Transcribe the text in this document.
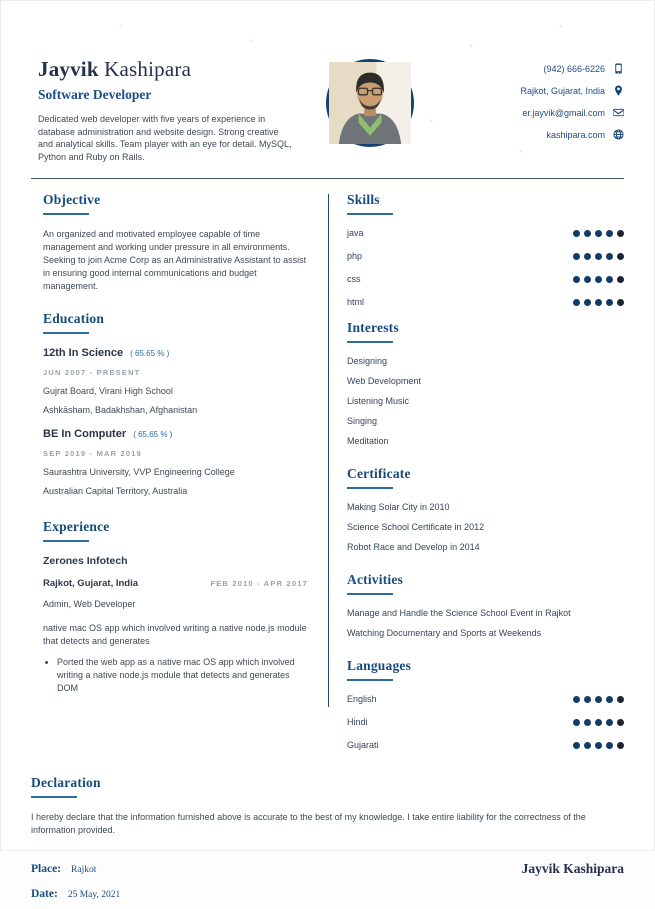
Jayvik Kashipara
Software Developer
Dedicated web developer with five years of experience in database administration and website design. Strong creative and analytical skills. Team player with an eye for detail. MySQL, Python and Ruby on Rails.
(942) 666-6226
Rajkot, Gujarat, India
er.jayvik@gmail.com
kashipara.com
Objective
An organized and motivated employee capable of time management and working under pressure in all environments. Seeking to join Acme Corp as an Administrative Assistant to assist in ensuring good internal communications and budget management.
Education
12th In Science ( 65.65 % )
JUN 2007 - PRESENT
Gujrat Board, Virani High School
Ashkāsham, Badakhshan, Afghanistan
BE In Computer ( 65.65 % )
SEP 2019 - MAR 2019
Saurashtra University, VVP Engineering College
Australian Capital Territory, Australia
Experience
Zerones Infotech
Rajkot, Gujarat, India	FEB 2010 - APR 2017
Admin, Web Developer
native mac OS app which involved writing a native node.js module that detects and generates
• Ported the web app as a native mac OS app which involved writing a native node.js module that detects and generates DOM
Skills
java
php
css
html
Interests
Designing
Web Development
Listening Music
Singing
Meditation
Certificate
Making Solar City in 2010
Science School Certificate in 2012
Robot Race and Develop in 2014
Activities
Manage and Handle the Science School Event in Rajkot
Watching Documentary and Sports at Weekends
Languages
English
Hindi
Gujarati
Declaration
I hereby declare that the information furnished above is accurate to the best of my knowledge. I take entire liability for the correctness of the information provided.
Place: Rajkot
Date: 25 May, 2021
Jayvik Kashipara
